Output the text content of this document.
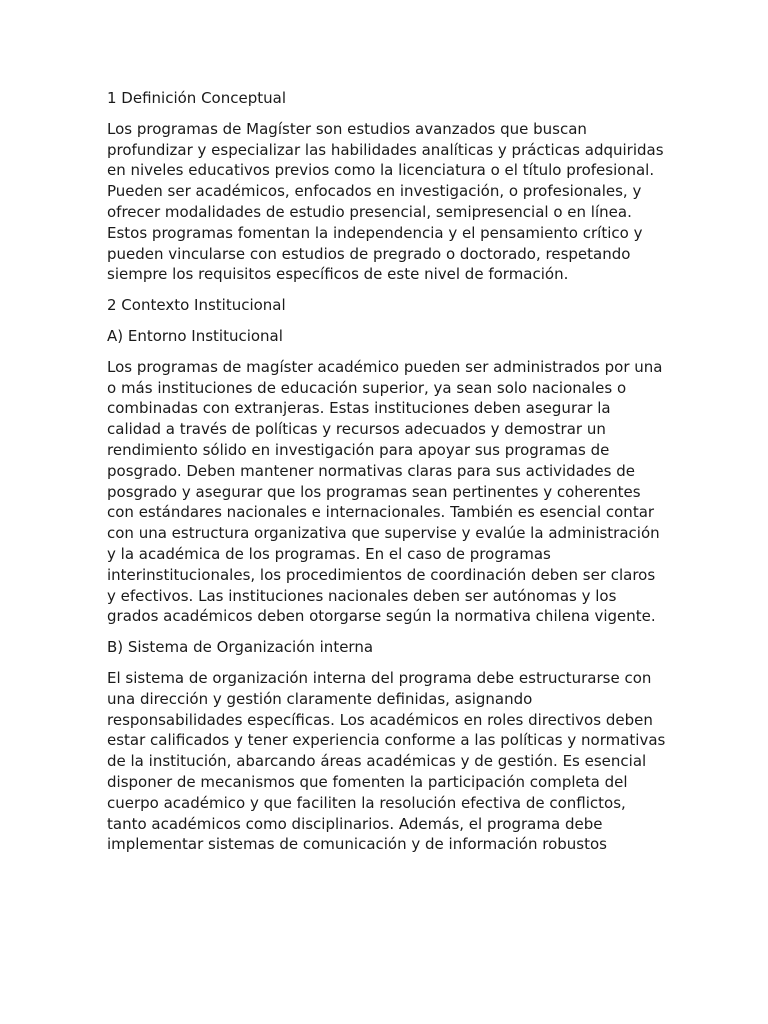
1 Definición Conceptual

Los programas de Magíster son estudios avanzados que buscan profundizar y especializar las habilidades analíticas y prácticas adquiridas en niveles educativos previos como la licenciatura o el título profesional. Pueden ser académicos, enfocados en investigación, o profesionales, y ofrecer modalidades de estudio presencial, semipresencial o en línea. Estos programas fomentan la independencia y el pensamiento crítico y pueden vincularse con estudios de pregrado o doctorado, respetando siempre los requisitos específicos de este nivel de formación.

2 Contexto Institucional

A) Entorno Institucional

Los programas de magíster académico pueden ser administrados por una o más instituciones de educación superior, ya sean solo nacionales o combinadas con extranjeras. Estas instituciones deben asegurar la calidad a través de políticas y recursos adecuados y demostrar un rendimiento sólido en investigación para apoyar sus programas de posgrado. Deben mantener normativas claras para sus actividades de posgrado y asegurar que los programas sean pertinentes y coherentes con estándares nacionales e internacionales. También es esencial contar con una estructura organizativa que supervise y evalúe la administración y la académica de los programas. En el caso de programas interinstitucionales, los procedimientos de coordinación deben ser claros y efectivos. Las instituciones nacionales deben ser autónomas y los grados académicos deben otorgarse según la normativa chilena vigente.

B) Sistema de Organización interna

El sistema de organización interna del programa debe estructurarse con una dirección y gestión claramente definidas, asignando responsabilidades específicas. Los académicos en roles directivos deben estar calificados y tener experiencia conforme a las políticas y normativas de la institución, abarcando áreas académicas y de gestión. Es esencial disponer de mecanismos que fomenten la participación completa del cuerpo académico y que faciliten la resolución efectiva de conflictos, tanto académicos como disciplinarios. Además, el programa debe implementar sistemas de comunicación y de información robustos
